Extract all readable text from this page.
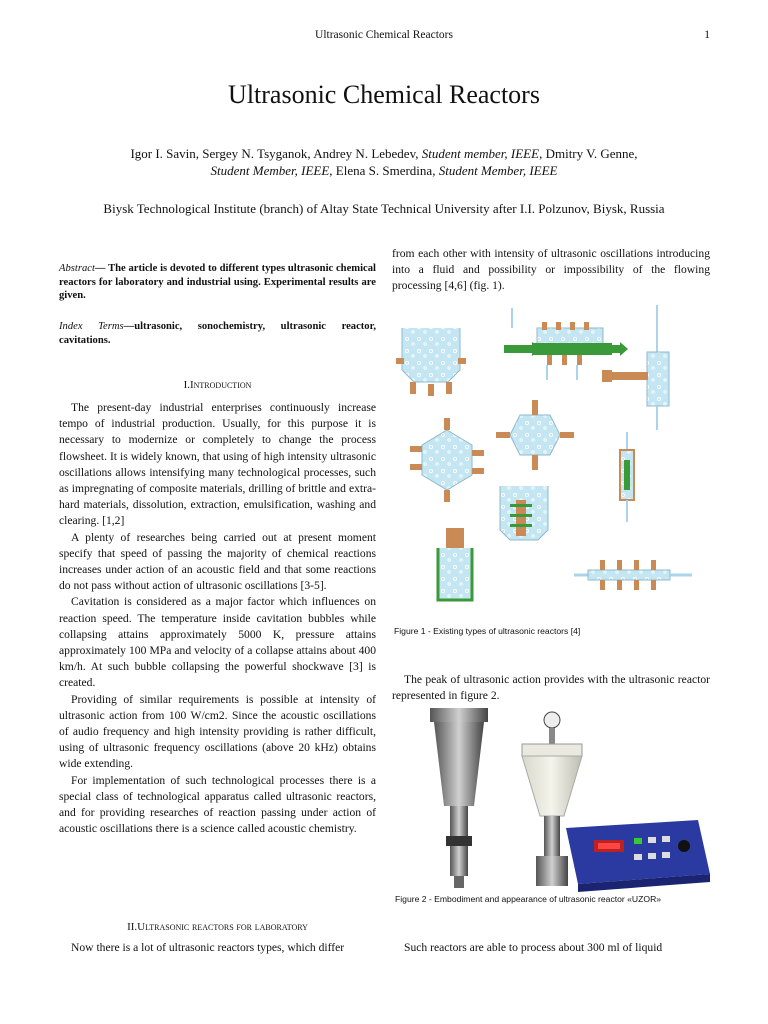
Ultrasonic Chemical Reactors	1
Ultrasonic Chemical Reactors
Igor I. Savin, Sergey N. Tsyganok, Andrey N. Lebedev, Student member, IEEE, Dmitry V. Genne,
Student Member, IEEE, Elena S. Smerdina, Student Member, IEEE
Biysk Technological Institute (branch) of Altay State Technical University after I.I. Polzunov, Biysk, Russia
Abstract— The article is devoted to different types ultrasonic chemical reactors for laboratory and industrial using. Experimental results are given.
Index Terms—ultrasonic, sonochemistry, ultrasonic reactor, cavitations.
I.Introduction

The present-day industrial enterprises continuously increase tempo of industrial production. Usually, for this purpose it is necessary to modernize or completely to change the process flowsheet. It is widely known, that using of high intensity ultrasonic oscillations allows intensifying many technological processes, such as impregnating of composite materials, drilling of brittle and extra-hard materials, dissolution, extraction, emulsification, washing and clearing. [1,2]

A plenty of researches being carried out at present moment specify that speed of passing the majority of chemical reactions increases under action of an acoustic field and that some reactions do not pass without action of ultrasonic oscillations [3-5].

Cavitation is considered as a major factor which influences on reaction speed. The temperature inside cavitation bubbles while collapsing attains approximately 5000 K, pressure attains approximately 100 MPa and velocity of a collapse attains about 400 km/h. At such bubble collapsing the powerful shockwave [3] is created.

Providing of similar requirements is possible at intensity of ultrasonic action from 100 W/cm2. Since the acoustic oscillations of audio frequency and high intensity providing is rather difficult, using of ultrasonic frequency oscillations (above 20 kHz) obtains wide extending.

For implementation of such technological processes there is a special class of technological apparatus called ultrasonic reactors, and for providing researches of reaction passing under action of acoustic oscillations there is a science called acoustic chemistry.

II.Ultrasonic reactors for laboratory

Now there is a lot of ultrasonic reactors types, which differ

from each other with intensity of ultrasonic oscillations introducing into a fluid and possibility or impossibility of the flowing processing [4,6] (fig. 1).
Figure 1 - Existing types of ultrasonic reactors [4]

The peak of ultrasonic action provides with the ultrasonic reactor represented in figure 2.

Figure 2 - Embodiment and appearance of ultrasonic reactor «UZOR»

Such reactors are able to process about 300 ml of liquid
